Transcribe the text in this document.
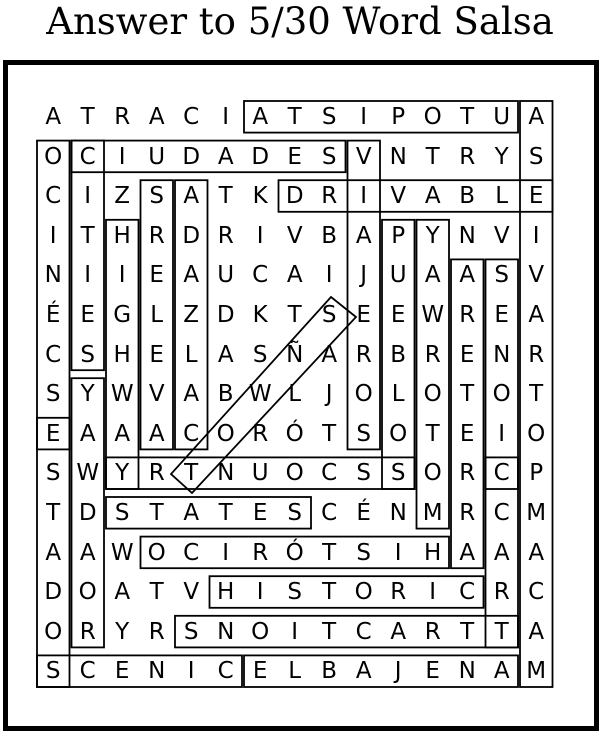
Answer to 5/30 Word Salsa
A T R A C	I	A T S	I	P O T U A
O C	I U D A D E S V N T R Y S
C	I	Z S A T K D R	I	V A B L E
I	T H R D R	I	V B A P Y N V	I
N I	I	E A U C A	I	J U A A S V
É E G L Z D K T S E E W R E A
C S H E L A S Ñ A R B R E N R
S Y W V A B W L	J O L O T O T
E A A A C O R Ó T S O T E	I O
S W Y R T N U O C S S O R C P
T D S T A T E S C É N M R C M
A A W O C	I	R Ó T S	I H A A A
D O A T V H I	S T O R	I	C R C
O R Y R S N O I	T C A R T T A
S C E N I	C E L B A	J	E N A M
